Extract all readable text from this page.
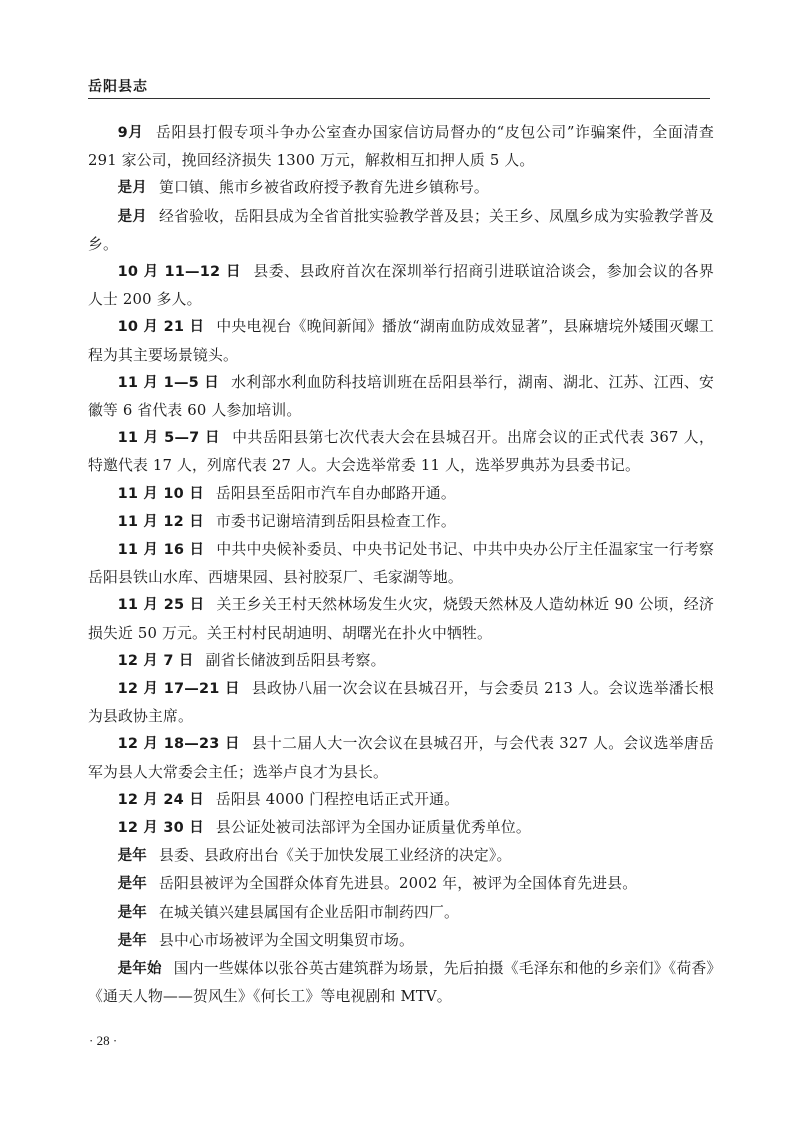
岳阳县志

9月 岳阳县打假专项斗争办公室查办国家信访局督办的“皮包公司”诈骗案件，全面清查 291 家公司，挽回经济损失 1300 万元，解救相互扣押人质 5 人。

是月 筻口镇、熊市乡被省政府授予教育先进乡镇称号。

是月 经省验收，岳阳县成为全省首批实验教学普及县；关王乡、凤凰乡成为实验教学普及乡。

10 月 11—12 日 县委、县政府首次在深圳举行招商引进联谊洽谈会，参加会议的各界人士 200 多人。

10 月 21 日 中央电视台《晚间新闻》播放“湖南血防成效显著”，县麻塘垸外矮围灭螺工程为其主要场景镜头。

11 月 1—5 日 水利部水利血防科技培训班在岳阳县举行，湖南、湖北、江苏、江西、安徽等 6 省代表 60 人参加培训。

11 月 5—7 日 中共岳阳县第七次代表大会在县城召开。出席会议的正式代表 367 人，特邀代表 17 人，列席代表 27 人。大会选举常委 11 人，选举罗典苏为县委书记。

11 月 10 日 岳阳县至岳阳市汽车自办邮路开通。

11 月 12 日 市委书记谢培清到岳阳县检查工作。

11 月 16 日 中共中央候补委员、中央书记处书记、中共中央办公厅主任温家宝一行考察岳阳县铁山水库、西塘果园、县衬胶泵厂、毛家湖等地。

11 月 25 日 关王乡关王村天然林场发生火灾，烧毁天然林及人造幼林近 90 公顷，经济损失近 50 万元。关王村村民胡迪明、胡曙光在扑火中牺牲。

12 月 7 日 副省长储波到岳阳县考察。

12 月 17—21 日 县政协八届一次会议在县城召开，与会委员 213 人。会议选举潘长根为县政协主席。

12 月 18—23 日 县十二届人大一次会议在县城召开，与会代表 327 人。会议选举唐岳军为县人大常委会主任；选举卢良才为县长。

12 月 24 日 岳阳县 4000 门程控电话正式开通。

12 月 30 日 县公证处被司法部评为全国办证质量优秀单位。

是年 县委、县政府出台《关于加快发展工业经济的决定》。

是年 岳阳县被评为全国群众体育先进县。2002 年，被评为全国体育先进县。

是年 在城关镇兴建县属国有企业岳阳市制药四厂。

是年 县中心市场被评为全国文明集贸市场。

是年始 国内一些媒体以张谷英古建筑群为场景，先后拍摄《毛泽东和他的乡亲们》《荷香》《通天人物——贺风生》《何长工》等电视剧和 MTV。

· 28 ·
